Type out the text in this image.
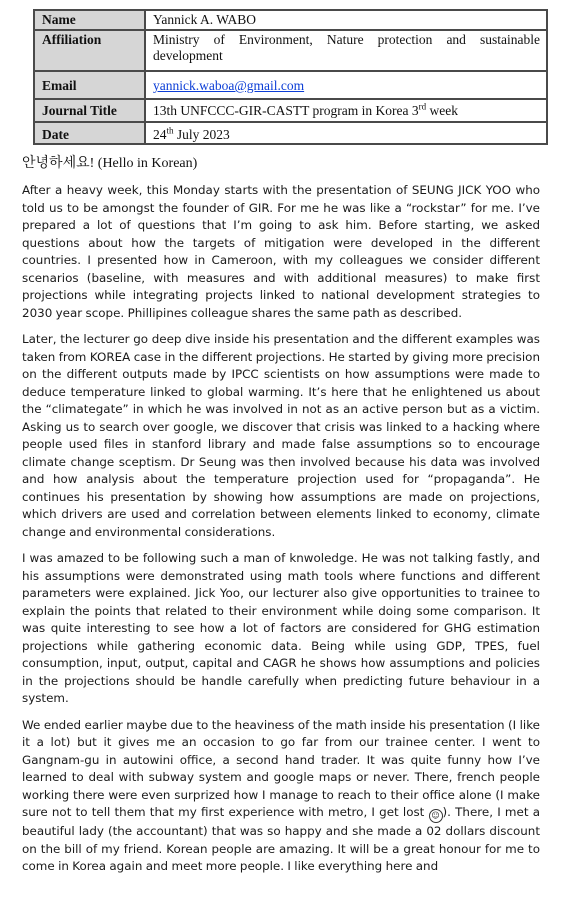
Name	Yannick A. WABO
Affiliation	Ministry of Environment, Nature protection and sustainable development
Email	yannick.waboa@gmail.com
Journal Title	13th UNFCCC-GIR-CASTT program in Korea 3rd week
Date	24th July 2023
안녕하세요! (Hello in Korean)

After a heavy week, this Monday starts with the presentation of SEUNG JICK YOO who told us to be amongst the founder of GIR. For me he was like a “rockstar” for me. I’ve prepared a lot of questions that I’m going to ask him. Before starting, we asked questions about how the targets of mitigation were developed in the different countries. I presented how in Cameroon, with my colleagues we consider different scenarios (baseline, with measures and with additional measures) to make first projections while integrating projects linked to national development strategies to 2030 year scope. Phillipines colleague shares the same path as described.

Later, the lecturer go deep dive inside his presentation and the different examples was taken from KOREA case in the different projections. He started by giving more precision on the different outputs made by IPCC scientists on how assumptions were made to deduce temperature linked to global warming. It’s here that he enlightened us about the “climategate” in which he was involved in not as an active person but as a victim. Asking us to search over google, we discover that crisis was linked to a hacking where people used files in stanford library and made false assumptions so to encourage climate change sceptism. Dr Seung was then involved because his data was involved and how analysis about the temperature projection used for “propaganda”. He continues his presentation by showing how assumptions are made on projections, which drivers are used and correlation between elements linked to economy, climate change and environmental considerations.

I was amazed to be following such a man of knwoledge. He was not talking fastly, and his assumptions were demonstrated using math tools where functions and different parameters were explained. Jick Yoo, our lecturer also give opportunities to trainee to explain the points that related to their environment while doing some comparison. It was quite interesting to see how a lot of factors are considered for GHG estimation projections while gathering economic data. Being while using GDP, TPES, fuel consumption, input, output, capital and CAGR he shows how assumptions and policies in the projections should be handle carefully when predicting future behaviour in a system.

We ended earlier maybe due to the heaviness of the math inside his presentation (I like it a lot) but it gives me an occasion to go far from our trainee center. I went to Gangnam-gu in autowini office, a second hand trader. It was quite funny how I’ve learned to deal with subway system and google maps or never. There, french people working there were even surprized how I manage to reach to their office alone (I make sure not to tell them that my first experience with metro, I get lost ☺ ). There, I met a beautiful lady (the accountant) that was so happy and she made a 02 dollars discount on the bill of my friend. Korean people are amazing. It will be a great honour for me to come in Korea again and meet more people. I like everything here and
